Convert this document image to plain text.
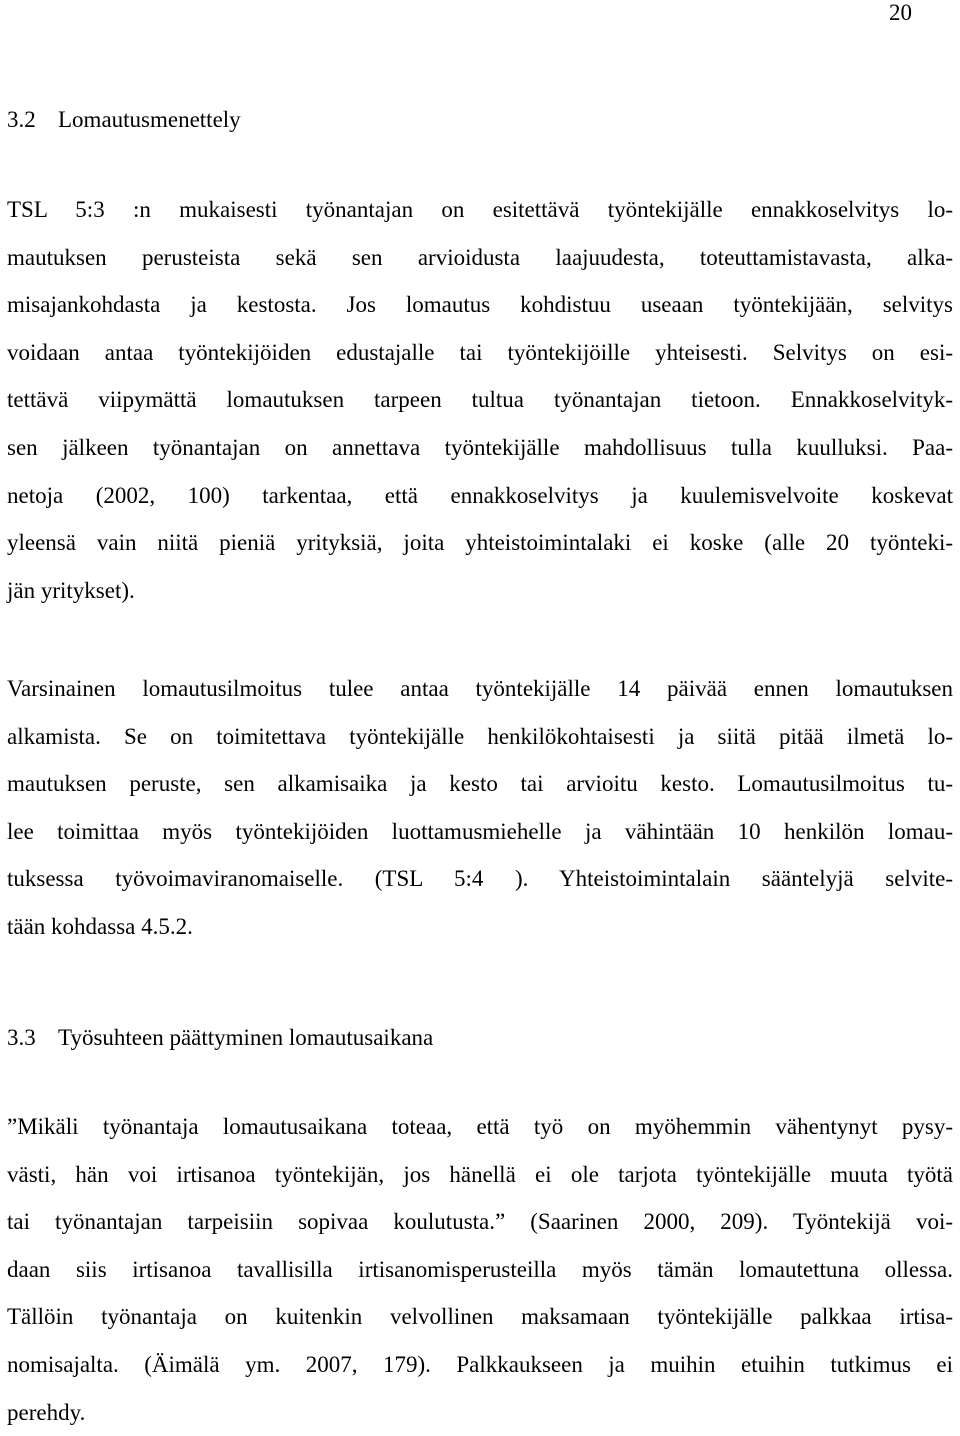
20
3.2 Lomautusmenettely
TSL 5:3 :n mukaisesti työnantajan on esitettävä työntekijälle ennakkoselvitys lo-
mautuksen perusteista sekä sen arvioidusta laajuudesta, toteuttamistavasta, alka-
misajankohdasta ja kestosta. Jos lomautus kohdistuu useaan työntekijään, selvitys
voidaan antaa työntekijöiden edustajalle tai työntekijöille yhteisesti. Selvitys on esi-
tettävä viipymättä lomautuksen tarpeen tultua työnantajan tietoon. Ennakkoselvityk-
sen jälkeen työnantajan on annettava työntekijälle mahdollisuus tulla kuulluksi. Paa-
netoja (2002, 100) tarkentaa, että ennakkoselvitys ja kuulemisvelvoite koskevat
yleensä vain niitä pieniä yrityksiä, joita yhteistoimintalaki ei koske (alle 20 työnteki-
jän yritykset).
Varsinainen lomautusilmoitus tulee antaa työntekijälle 14 päivää ennen lomautuksen
alkamista. Se on toimitettava työntekijälle henkilökohtaisesti ja siitä pitää ilmetä lo-
mautuksen peruste, sen alkamisaika ja kesto tai arvioitu kesto. Lomautusilmoitus tu-
lee toimittaa myös työntekijöiden luottamusmiehelle ja vähintään 10 henkilön lomau-
tuksessa työvoimaviranomaiselle. (TSL 5:4 ). Yhteistoimintalain sääntelyjä selvite-
tään kohdassa 4.5.2.
3.3 Työsuhteen päättyminen lomautusaikana
”Mikäli työnantaja lomautusaikana toteaa, että työ on myöhemmin vähentynyt pysy-
västi, hän voi irtisanoa työntekijän, jos hänellä ei ole tarjota työntekijälle muuta työtä
tai työnantajan tarpeisiin sopivaa koulutusta.” (Saarinen 2000, 209). Työntekijä voi-
daan siis irtisanoa tavallisilla irtisanomisperusteilla myös tämän lomautettuna ollessa.
Tällöin työnantaja on kuitenkin velvollinen maksamaan työntekijälle palkkaa irtisa-
nomisajalta. (Äimälä ym. 2007, 179). Palkkaukseen ja muihin etuihin tutkimus ei
perehdy.
